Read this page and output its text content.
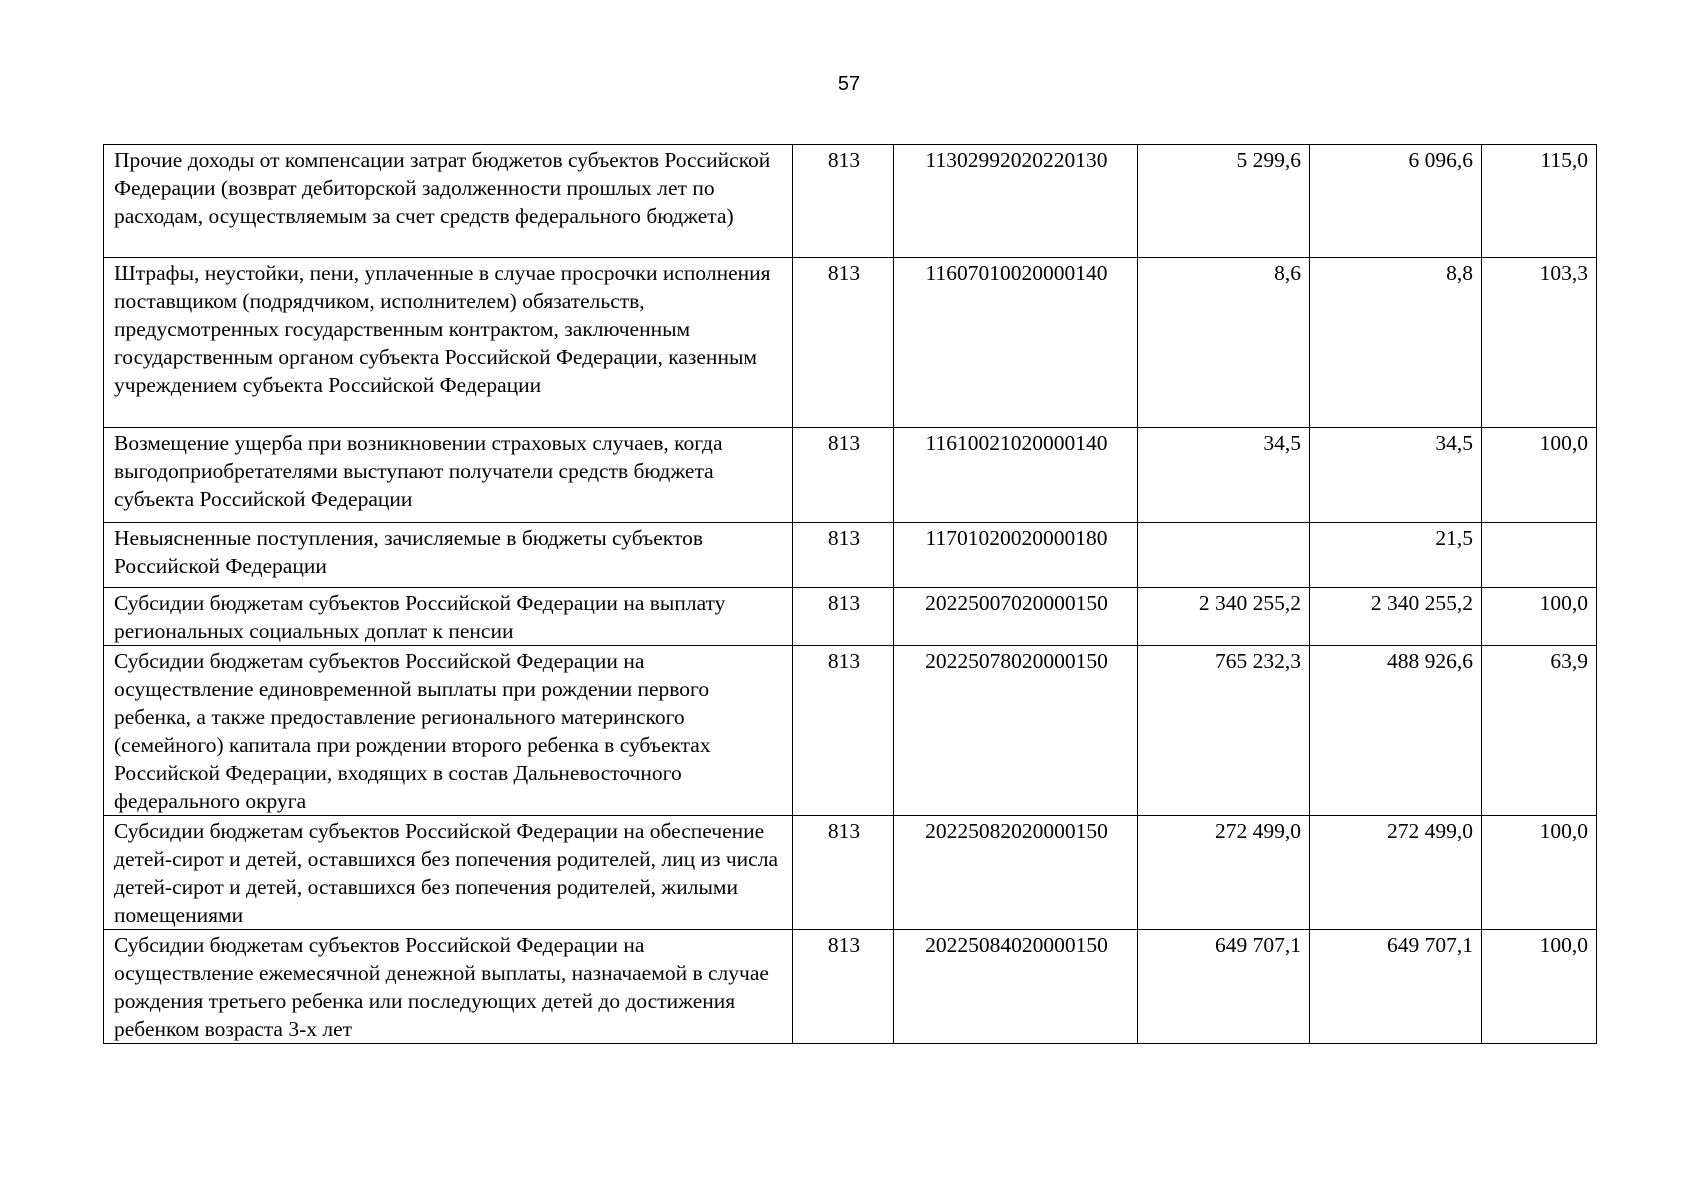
57
Прочие доходы от компенсации затрат бюджетов субъектов Российской Федерации (возврат дебиторской задолженности прошлых лет по расходам, осуществляемым за счет средств федерального бюджета)	813	11302992020220130	5 299,6	6 096,6	115,0
Штрафы, неустойки, пени, уплаченные в случае просрочки исполнения поставщиком (подрядчиком, исполнителем) обязательств, предусмотренных государственным контрактом, заключенным государственным органом субъекта Российской Федерации, казенным учреждением субъекта Российской Федерации	813	11607010020000140	8,6	8,8	103,3
Возмещение ущерба при возникновении страховых случаев, когда выгодоприобретателями выступают получатели средств бюджета субъекта Российской Федерации	813	11610021020000140	34,5	34,5	100,0
Невыясненные поступления, зачисляемые в бюджеты субъектов Российской Федерации	813	11701020020000180		21,5	
Субсидии бюджетам субъектов Российской Федерации на выплату региональных социальных доплат к пенсии	813	20225007020000150	2 340 255,2	2 340 255,2	100,0
Субсидии бюджетам субъектов Российской Федерации на осуществление единовременной выплаты при рождении первого ребенка, а также предоставление регионального материнского (семейного) капитала при рождении второго ребенка в субъектах Российской Федерации, входящих в состав Дальневосточного федерального округа	813	20225078020000150	765 232,3	488 926,6	63,9
Субсидии бюджетам субъектов Российской Федерации на обеспечение детей-сирот и детей, оставшихся без попечения родителей, лиц из числа детей-сирот и детей, оставшихся без попечения родителей, жилыми помещениями	813	20225082020000150	272 499,0	272 499,0	100,0
Субсидии бюджетам субъектов Российской Федерации на осуществление ежемесячной денежной выплаты, назначаемой в случае рождения третьего ребенка или последующих детей до достижения ребенком возраста 3-х лет	813	20225084020000150	649 707,1	649 707,1	100,0
